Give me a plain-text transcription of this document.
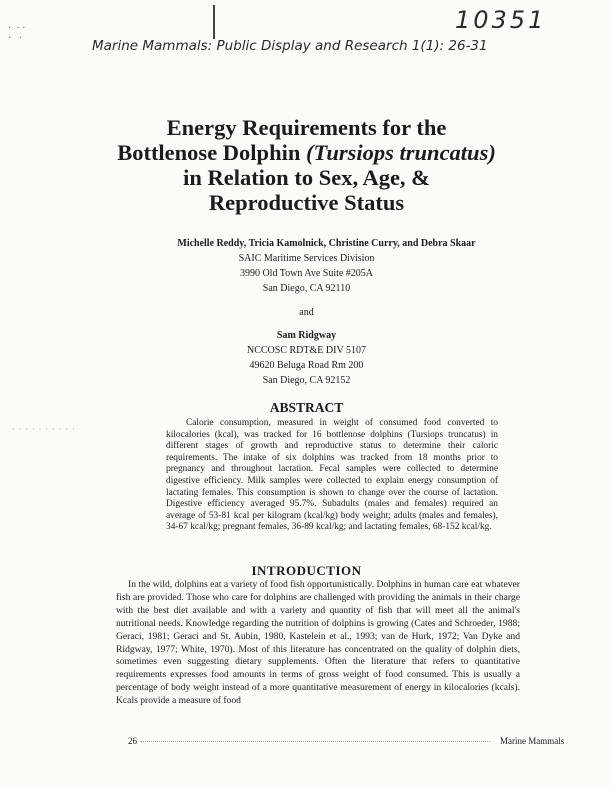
10351
·  · ·
·   ·	Marine Mammals: Public Display and Research 1(1): 26-31
Energy Requirements for the
Bottlenose Dolphin (Tursiops truncatus)
in Relation to Sex, Age, &
Reproductive Status
Michelle Reddy, Tricia Kamolnick, Christine Curry, and Debra Skaar
SAIC Maritime Services Division
3990 Old Town Ave Suite #205A
San Diego, CA 92110
and
Sam Ridgway
NCCOSC RDT&E DIV 5107
49620 Beluga Road Rm 200
San Diego, CA 92152
· · · · · · · · · ·
ABSTRACT

Calorie consumption, measured in weight of consumed food converted to kilocalories (kcal), was tracked for 16 bottlenose dolphins (Tursiops truncatus) in different stages of growth and reproductive status to determine their caloric requirements. The intake of six dolphins was tracked from 18 months prior to pregnancy and throughout lactation. Fecal samples were collected to determine digestive efficiency. Milk samples were collected to explain energy consumption of lactating females. This consumption is shown to change over the course of lactation. Digestive efficiency averaged 95.7%. Subadults (males and females) required an average of 53-81 kcal per kilogram (kcal/kg) body weight; adults (males and females), 34-67 kcal/kg; pregnant females, 36-89 kcal/kg; and lactating females, 68-152 kcal/kg.

INTRODUCTION

In the wild, dolphins eat a variety of food fish opportunistically. Dolphins in human care eat whatever fish are provided. Those who care for dolphins are challenged with providing the animals in their charge with the best diet available and with a variety and quantity of fish that will meet all the animal's nutritional needs. Knowledge regarding the nutrition of dolphins is growing (Cates and Schroeder, 1988; Geraci, 1981; Geraci and St. Aubin, 1980, Kastelein et al., 1993; van de Hurk, 1972; Van Dyke and Ridgway, 1977; White, 1970). Most of this literature has concentrated on the quality of dolphin diets, sometimes even suggesting dietary supplements. Often the literature that refers to quantitative requirements expresses food amounts in terms of gross weight of food consumed. This is usually a percentage of body weight instead of a more quantitative measurement of energy in kilocalories (kcals). Kcals provide a measure of food

26	Marine Mammals
